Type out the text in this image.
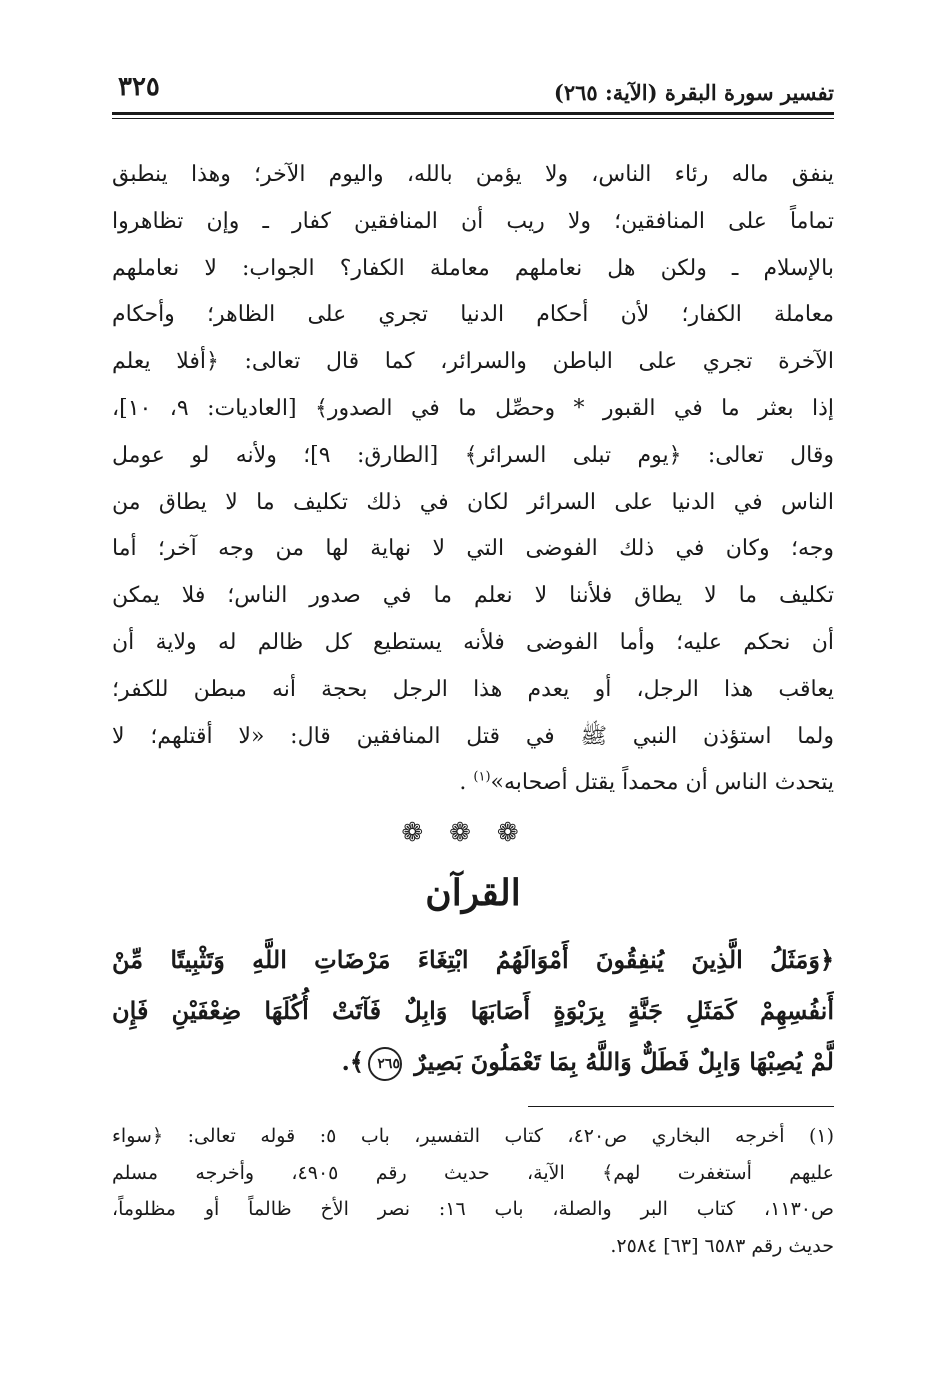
تفسير سورة البقرة (الآية: ٢٦٥)
٣٢٥
ينفق ماله رئاء الناس، ولا يؤمن بالله، واليوم الآخر؛ وهذا ينطبق
تماماً على المنافقين؛ ولا ريب أن المنافقين كفار ـ وإن تظاهروا
بالإسلام ـ ولكن هل نعاملهم معاملة الكفار؟ الجواب: لا نعاملهم
معاملة الكفار؛ لأن أحكام الدنيا تجري على الظاهر؛ وأحكام
الآخرة تجري على الباطن والسرائر، كما قال تعالى: ﴿أفلا يعلم
إذا بعثر ما في القبور * وحصِّل ما في الصدور﴾ [العاديات: ٩، ١٠]،
وقال تعالى: ﴿يوم تبلى السرائر﴾ [الطارق: ٩]؛ ولأنه لو عومل
الناس في الدنيا على السرائر لكان في ذلك تكليف ما لا يطاق من
وجه؛ وكان في ذلك الفوضى التي لا نهاية لها من وجه آخر؛ أما
تكليف ما لا يطاق فلأننا لا نعلم ما في صدور الناس؛ فلا يمكن
أن نحكم عليه؛ وأما الفوضى فلأنه يستطيع كل ظالم له ولاية أن
يعاقب هذا الرجل، أو يعدم هذا الرجل بحجة أنه مبطن للكفر؛
ولما استؤذن النبي ﷺ في قتل المنافقين قال: «لا أقتلهم؛ لا
يتحدث الناس أن محمداً يقتل أصحابه»$^{(١)}$ .
❁❁❁
القرآن
﴿وَمَثَلُ الَّذِينَ يُنفِقُونَ أَمْوَالَهُمُ ابْتِغَاءَ مَرْضَاتِ اللَّهِ وَتَثْبِيتًا مِّنْ
أَنفُسِهِمْ كَمَثَلِ جَنَّةٍ بِرَبْوَةٍ أَصَابَهَا وَابِلٌ فَآتَتْ أُكُلَهَا ضِعْفَيْنِ فَإِن
لَّمْ يُصِبْهَا وَابِلٌ فَطَلٌّ وَاللَّهُ بِمَا تَعْمَلُونَ بَصِيرٌ ٢٦٥﴾.
(١) أخرجه البخاري ص٤٢٠، كتاب التفسير، باب ٥: قوله تعالى: ﴿سواء
عليهم أستغفرت لهم﴾ الآية، حديث رقم ٤٩٠٥، وأخرجه مسلم
ص١١٣٠، كتاب البر والصلة، باب ١٦: نصر الأخ ظالماً أو مظلوماً،
حديث رقم ٦٥٨٣ [٦٣] ٢٥٨٤.
